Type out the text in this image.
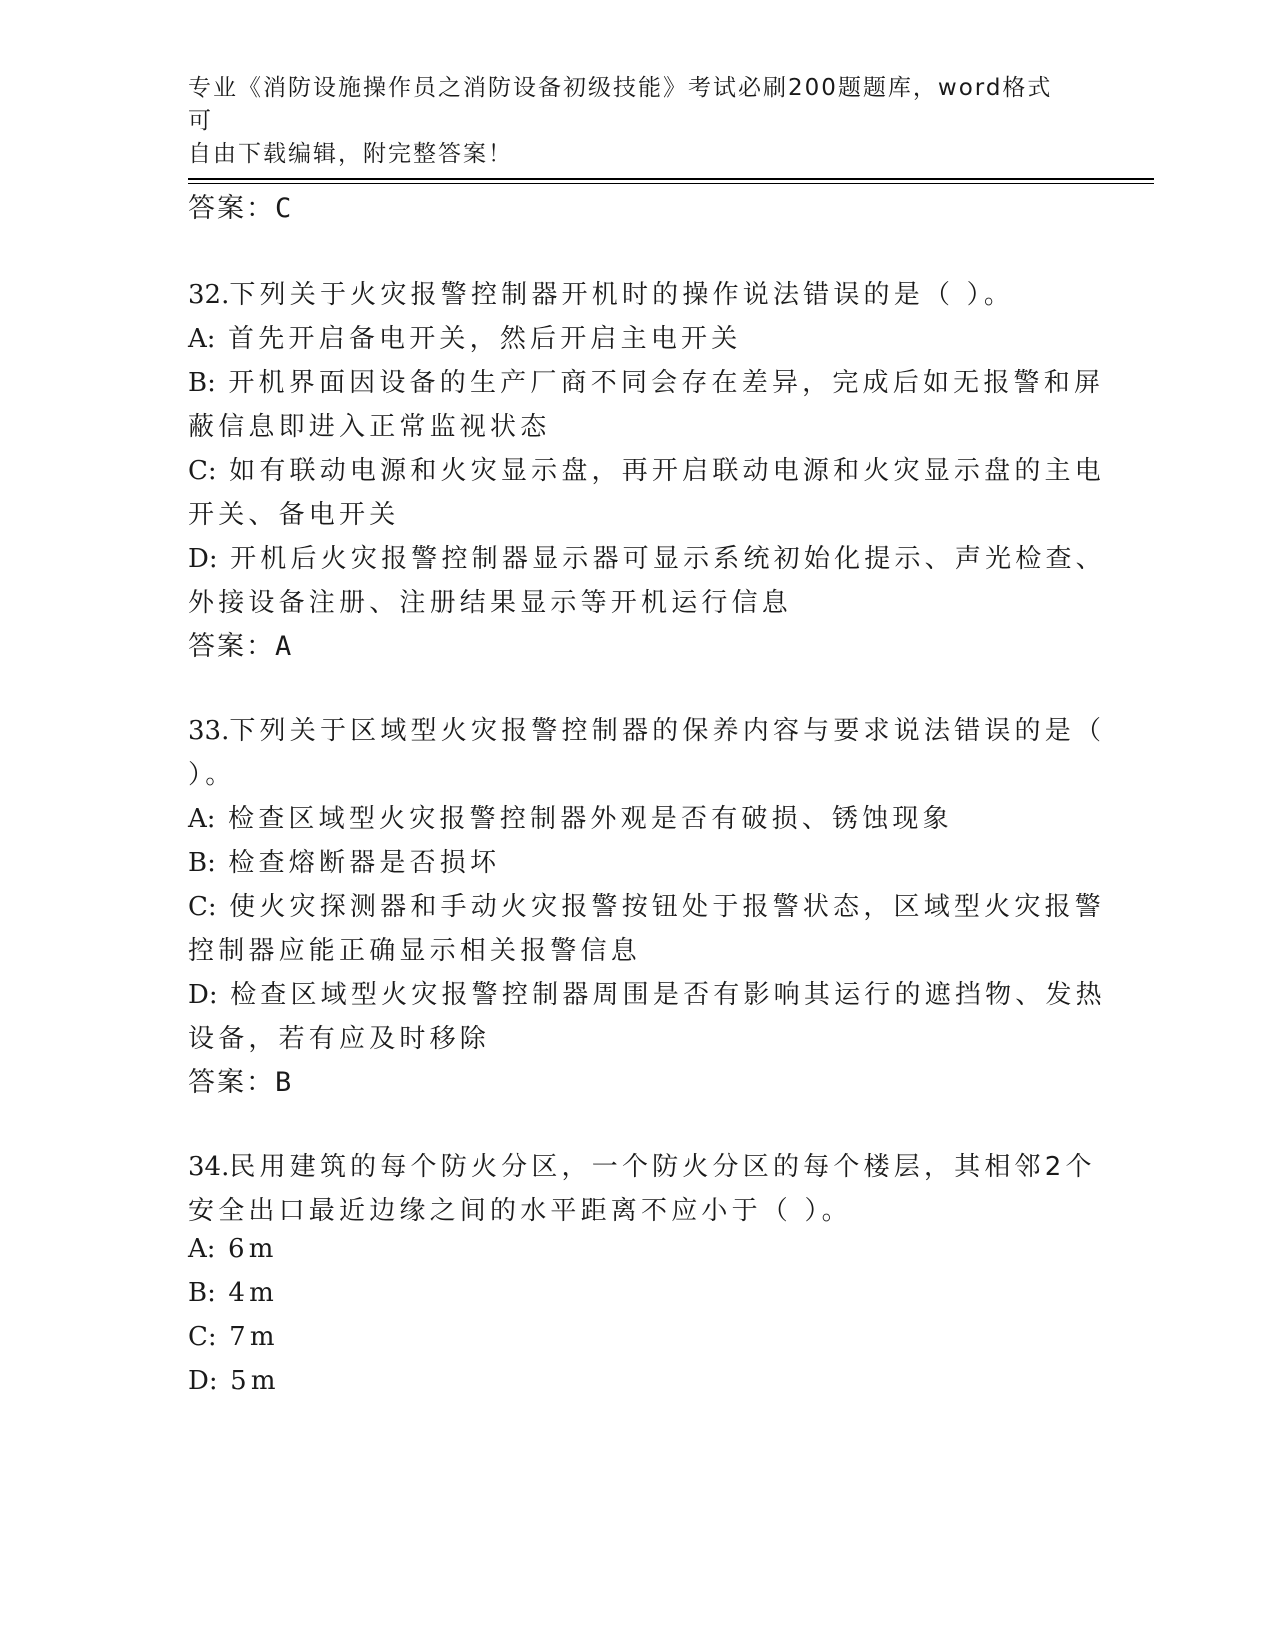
专业《消防设施操作员之消防设备初级技能》考试必刷200题题库，word格式可
自由下载编辑，附完整答案！
答案：C
32.下列关于火灾报警控制器开机时的操作说法错误的是（ ）。
A: 首先开启备电开关，然后开启主电开关
B: 开机界面因设备的生产厂商不同会存在差异，完成后如无报警和屏
蔽信息即进入正常监视状态
C: 如有联动电源和火灾显示盘，再开启联动电源和火灾显示盘的主电
开关、备电开关
D: 开机后火灾报警控制器显示器可显示系统初始化提示、声光检查、
外接设备注册、注册结果显示等开机运行信息
答案：A
33.下列关于区域型火灾报警控制器的保养内容与要求说法错误的是（
）。
A: 检查区域型火灾报警控制器外观是否有破损、锈蚀现象
B: 检查熔断器是否损坏
C: 使火灾探测器和手动火灾报警按钮处于报警状态，区域型火灾报警
控制器应能正确显示相关报警信息
D: 检查区域型火灾报警控制器周围是否有影响其运行的遮挡物、发热
设备，若有应及时移除
答案：B
34.民用建筑的每个防火分区，一个防火分区的每个楼层，其相邻2个
安全出口最近边缘之间的水平距离不应小于（ ）。
A: 6m
B: 4m
C: 7m
D: 5m
